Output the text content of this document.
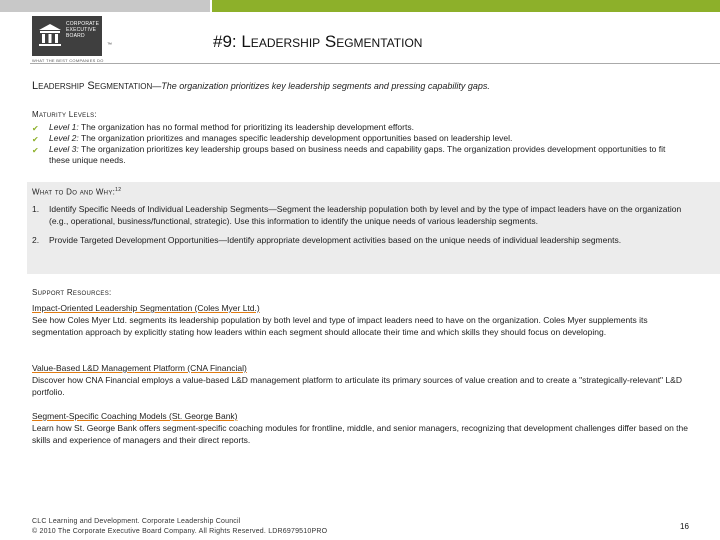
CORPORATE EXECUTIVE BOARD
™
WHAT THE BEST COMPANIES DO
#9: Leadership Segmentation
Leadership Segmentation—The organization prioritizes key leadership segments and pressing capability gaps.
Maturity Levels:
✔ Level 1: The organization has no formal method for prioritizing its leadership development efforts.
✔ Level 2: The organization prioritizes and manages specific leadership development opportunities based on leadership level.
✔ Level 3: The organization prioritizes key leadership groups based on business needs and capability gaps. The organization provides development opportunities to fit these unique needs.
What to Do and Why:$^{12}$
1. Identify Specific Needs of Individual Leadership Segments—Segment the leadership population both by level and by the type of impact leaders have on the organization (e.g., operational, business/functional, strategic). Use this information to identify the unique needs of various leadership segments.
2. Provide Targeted Development Opportunities—Identify appropriate development activities based on the unique needs of individual leadership segments.
Support Resources:
Impact-Oriented Leadership Segmentation (Coles Myer Ltd.)
See how Coles Myer Ltd. segments its leadership population by both level and type of impact leaders need to have on the organization. Coles Myer supplements its segmentation approach by explicitly stating how leaders within each segment should allocate their time and which skills they should focus on developing.
Value-Based L&D Management Platform (CNA Financial)
Discover how CNA Financial employs a value-based L&D management platform to articulate its primary sources of value creation and to create a "strategically-relevant" L&D portfolio.
Segment-Specific Coaching Models (St. George Bank)
Learn how St. George Bank offers segment-specific coaching modules for frontline, middle, and senior managers, recognizing that development challenges differ based on the skills and experience of managers and their direct reports.
CLC Learning and Development. Corporate Leadership Council
© 2010 The Corporate Executive Board Company. All Rights Reserved. LDR6979510PRO
16
